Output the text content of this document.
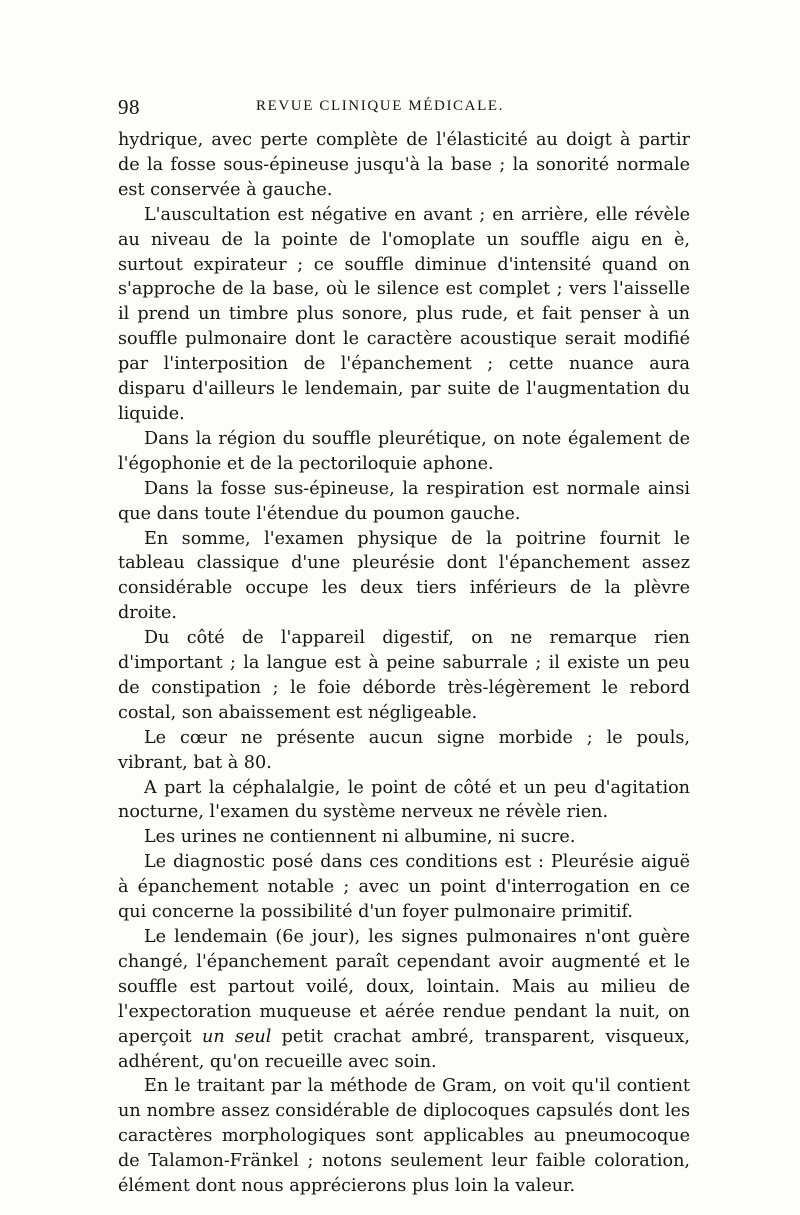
98	REVUE CLINIQUE MÉDICALE.

hydrique, avec perte complète de l'élasticité au doigt à partir de la fosse sous-épineuse jusqu'à la base ; la sonorité normale est conservée à gauche.

L'auscultation est négative en avant ; en arrière, elle révèle au niveau de la pointe de l'omoplate un souffle aigu en è, surtout expirateur ; ce souffle diminue d'intensité quand on s'approche de la base, où le silence est complet ; vers l'aisselle il prend un timbre plus sonore, plus rude, et fait penser à un souffle pulmonaire dont le caractère acoustique serait modifié par l'interposition de l'épanchement ; cette nuance aura disparu d'ailleurs le lendemain, par suite de l'augmentation du liquide.

Dans la région du souffle pleurétique, on note également de l'égophonie et de la pectoriloquie aphone.

Dans la fosse sus-épineuse, la respiration est normale ainsi que dans toute l'étendue du poumon gauche.

En somme, l'examen physique de la poitrine fournit le tableau classique d'une pleurésie dont l'épanchement assez considérable occupe les deux tiers inférieurs de la plèvre droite.

Du côté de l'appareil digestif, on ne remarque rien d'important ; la langue est à peine saburrale ; il existe un peu de constipation ; le foie déborde très-légèrement le rebord costal, son abaissement est négligeable.

Le cœur ne présente aucun signe morbide ; le pouls, vibrant, bat à 80.

A part la céphalalgie, le point de côté et un peu d'agitation nocturne, l'examen du système nerveux ne révèle rien.

Les urines ne contiennent ni albumine, ni sucre.

Le diagnostic posé dans ces conditions est : Pleurésie aiguë à épanchement notable ; avec un point d'interrogation en ce qui concerne la possibilité d'un foyer pulmonaire primitif.

Le lendemain (6e jour), les signes pulmonaires n'ont guère changé, l'épanchement paraît cependant avoir augmenté et le souffle est partout voilé, doux, lointain. Mais au milieu de l'expectoration muqueuse et aérée rendue pendant la nuit, on aperçoit un seul petit crachat ambré, transparent, visqueux, adhérent, qu'on recueille avec soin.

En le traitant par la méthode de Gram, on voit qu'il contient un nombre assez considérable de diplocoques capsulés dont les caractères morphologiques sont applicables au pneumocoque de Talamon-Fränkel ; notons seulement leur faible coloration, élément dont nous apprécierons plus loin la valeur.
